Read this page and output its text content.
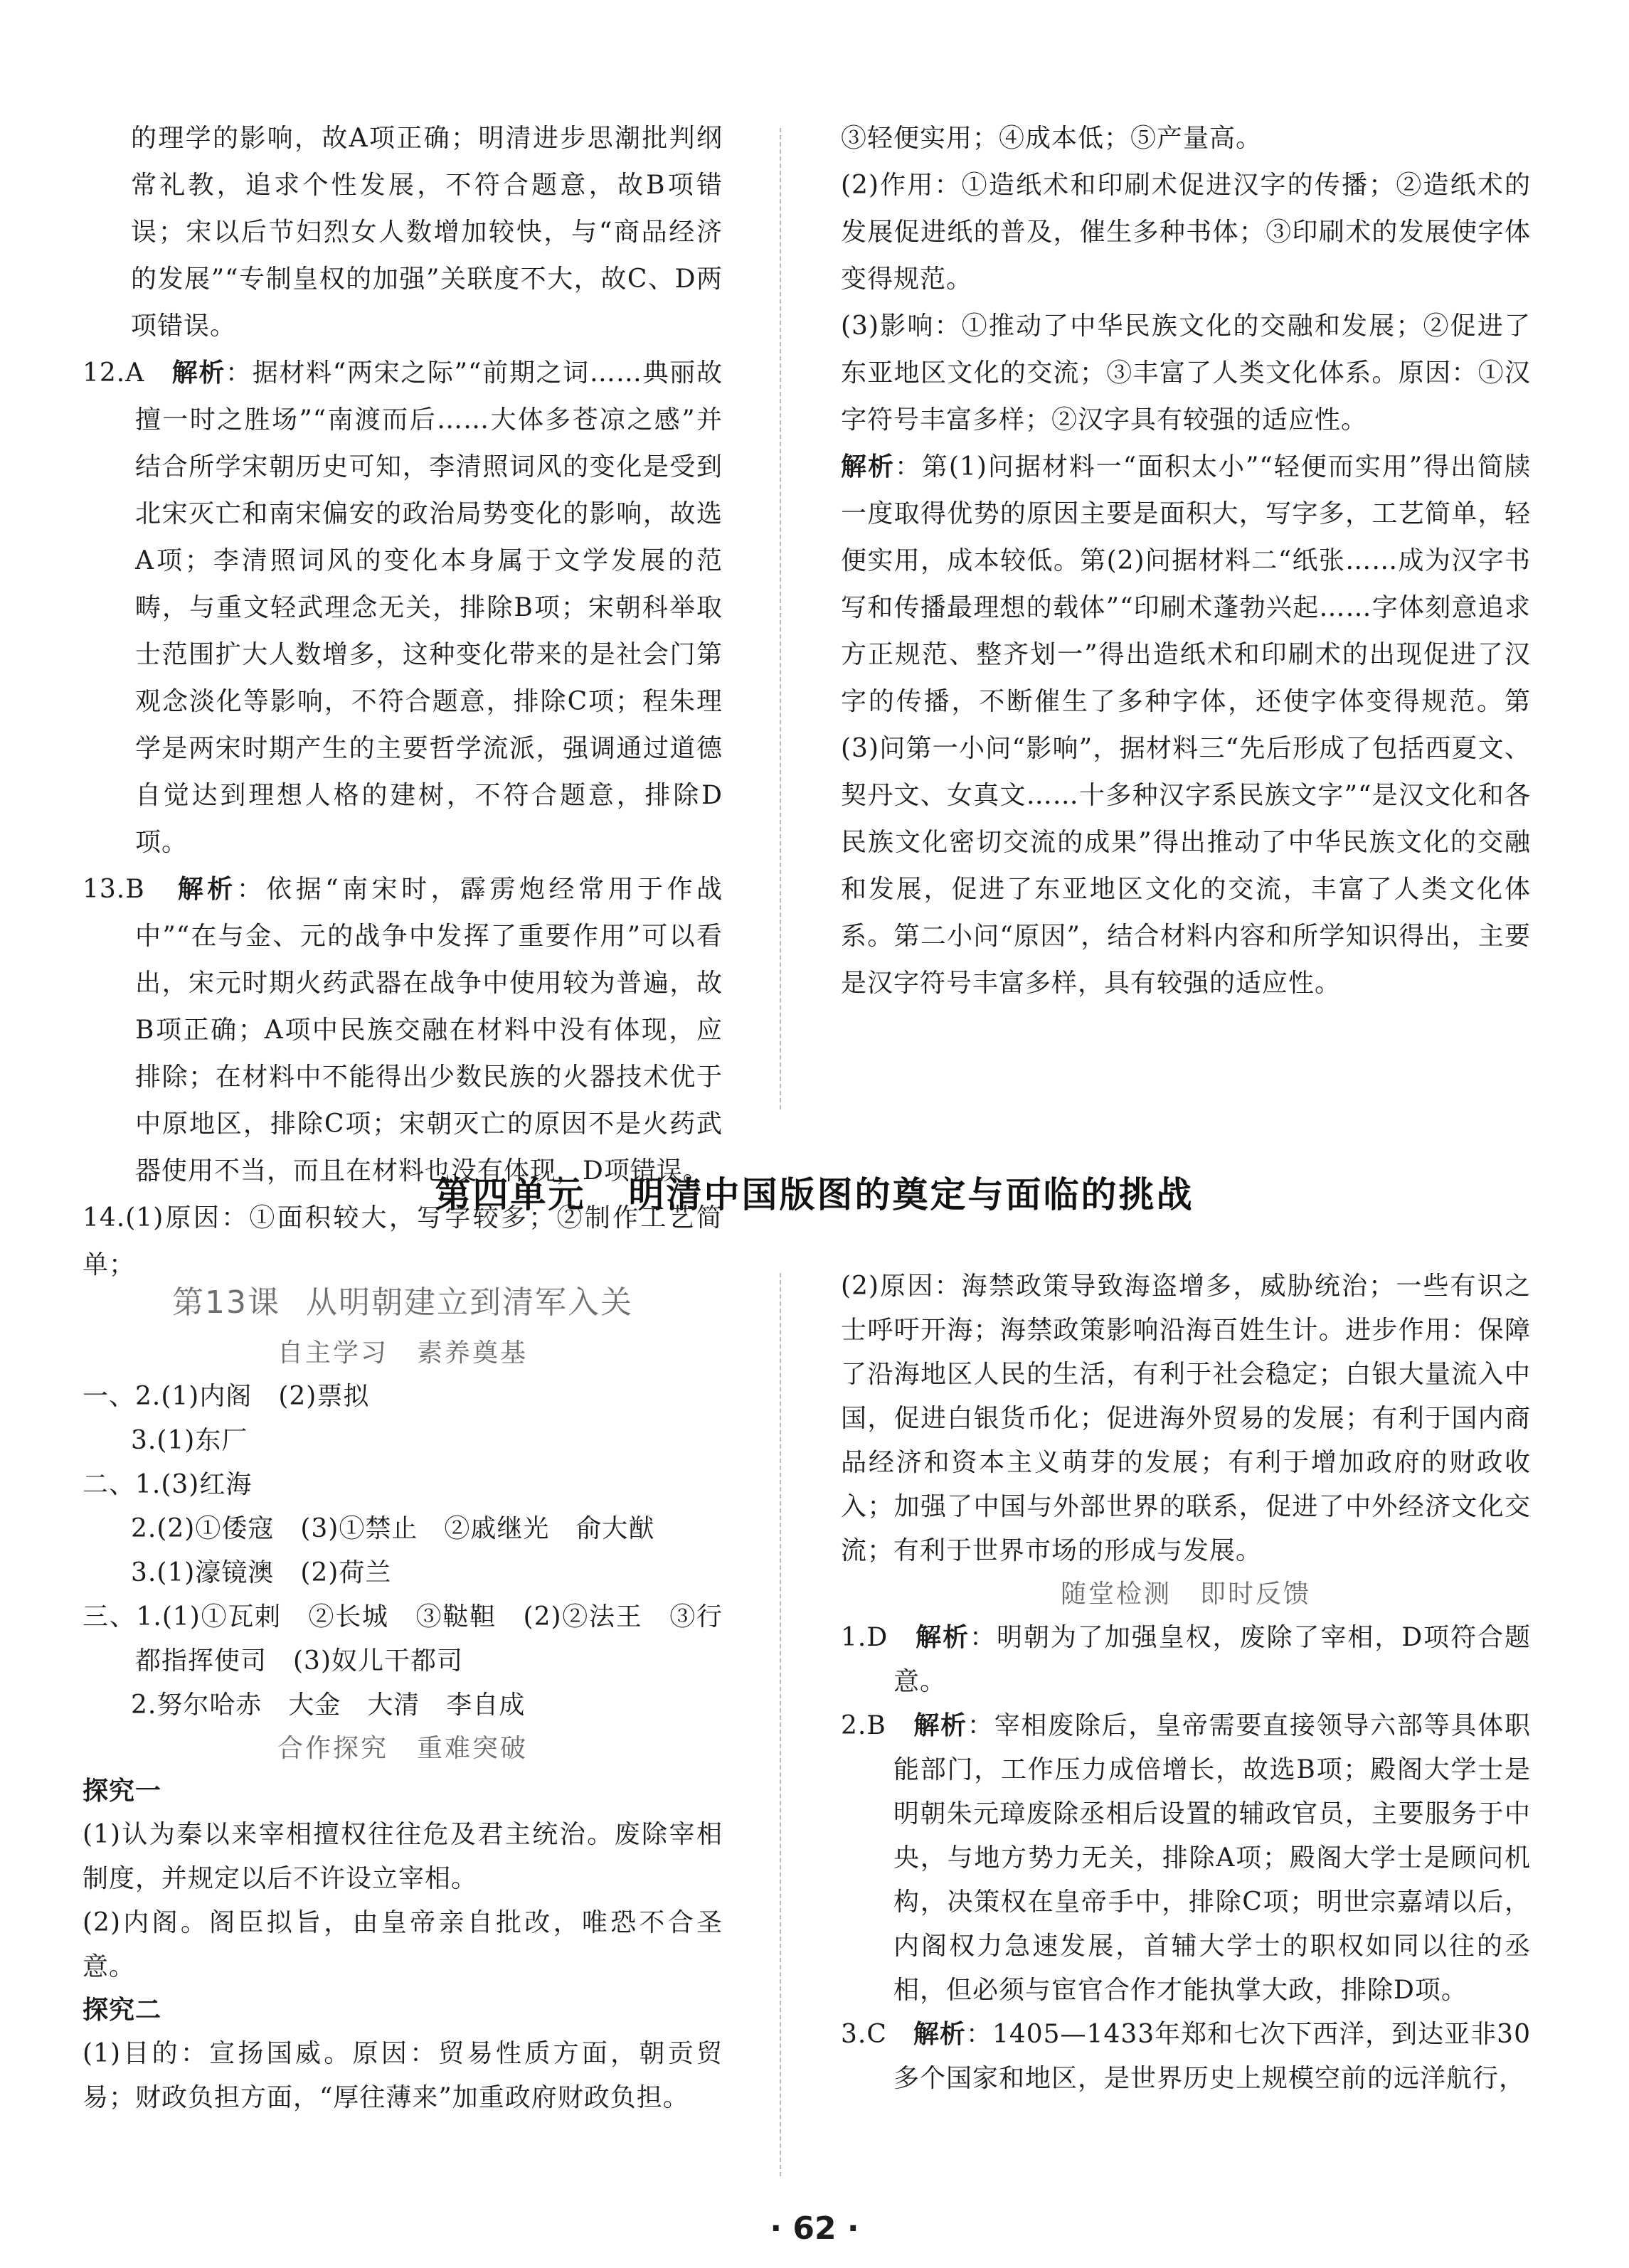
的理学的影响，故A项正确；明清进步思潮批判纲常礼教，追求个性发展，不符合题意，故B项错误；宋以后节妇烈女人数增加较快，与“商品经济的发展”“专制皇权的加强”关联度不大，故C、D两项错误。

12.A　 解析：据材料“两宋之际”“前期之词……典丽故擅一时之胜场”“南渡而后……大体多苍凉之感”并结合所学宋朝历史可知，李清照词风的变化是受到北宋灭亡和南宋偏安的政治局势变化的影响，故选A项；李清照词风的变化本身属于文学发展的范畴，与重文轻武理念无关，排除B项；宋朝科举取士范围扩大人数增多，这种变化带来的是社会门第观念淡化等影响，不符合题意，排除C项；程朱理学是两宋时期产生的主要哲学流派，强调通过道德自觉达到理想人格的建树，不符合题意，排除D项。

13.B　 解析：依据“南宋时，霹雳炮经常用于作战中”“在与金、元的战争中发挥了重要作用”可以看出，宋元时期火药武器在战争中使用较为普遍，故B项正确；A项中民族交融在材料中没有体现，应排除；在材料中不能得出少数民族的火器技术优于中原地区，排除C项；宋朝灭亡的原因不是火药武器使用不当，而且在材料也没有体现，D项错误。

14.(1)原因：①面积较大，写字较多；②制作工艺简单；

③轻便实用；④成本低；⑤产量高。

(2)作用：①造纸术和印刷术促进汉字的传播；②造纸术的发展促进纸的普及，催生多种书体；③印刷术的发展使字体变得规范。

(3)影响：①推动了中华民族文化的交融和发展；②促进了东亚地区文化的交流；③丰富了人类文化体系。原因：①汉字符号丰富多样；②汉字具有较强的适应性。

解析：第(1)问据材料一“面积太小”“轻便而实用”得出简牍一度取得优势的原因主要是面积大，写字多，工艺简单，轻便实用，成本较低。第(2)问据材料二“纸张……成为汉字书写和传播最理想的载体”“印刷术蓬勃兴起……字体刻意追求方正规范、整齐划一”得出造纸术和印刷术的出现促进了汉字的传播，不断催生了多种字体，还使字体变得规范。第(3)问第一小问“影响”，据材料三“先后形成了包括西夏文、契丹文、女真文……十多种汉字系民族文字”“是汉文化和各民族文化密切交流的成果”得出推动了中华民族文化的交融和发展，促进了东亚地区文化的交流，丰富了人类文化体系。第二小问“原因”，结合材料内容和所学知识得出，主要是汉字符号丰富多样，具有较强的适应性。

第四单元 明清中国版图的奠定与面临的挑战
第13课 从明朝建立到清军入关
自主学习 素养奠基

一、2.(1)内阁　(2)票拟

3.(1)东厂

二、1.(3)红海

2.(2)①倭寇　(3)①禁止　②戚继光　俞大猷

3.(1)濠镜澳　(2)荷兰

三、1.(1)①瓦剌　②长城　③鞑靼　(2)②法王　③行都指挥使司　(3)奴儿干都司

2.努尔哈赤　大金　大清　李自成

合作探究 重难突破

探究一

(1)认为秦以来宰相擅权往往危及君主统治。废除宰相制度，并规定以后不许设立宰相。

(2)内阁。阁臣拟旨，由皇帝亲自批改，唯恐不合圣意。

探究二

(1)目的：宣扬国威。原因：贸易性质方面，朝贡贸易；财政负担方面，“厚往薄来”加重政府财政负担。

(2)原因：海禁政策导致海盗增多，威胁统治；一些有识之士呼吁开海；海禁政策影响沿海百姓生计。进步作用：保障了沿海地区人民的生活，有利于社会稳定；白银大量流入中国，促进白银货币化；促进海外贸易的发展；有利于国内商品经济和资本主义萌芽的发展；有利于增加政府的财政收入；加强了中国与外部世界的联系，促进了中外经济文化交流；有利于世界市场的形成与发展。

随堂检测 即时反馈

1.D　 解析：明朝为了加强皇权，废除了宰相，D项符合题意。

2.B　 解析：宰相废除后，皇帝需要直接领导六部等具体职能部门，工作压力成倍增长，故选B项；殿阁大学士是明朝朱元璋废除丞相后设置的辅政官员，主要服务于中央，与地方势力无关，排除A项；殿阁大学士是顾问机构，决策权在皇帝手中，排除C项；明世宗嘉靖以后，内阁权力急速发展，首辅大学士的职权如同以往的丞相，但必须与宦官合作才能执掌大政，排除D项。

3.C　 解析：1405—1433年郑和七次下西洋，到达亚非30多个国家和地区，是世界历史上规模空前的远洋航行，

· 62 ·
